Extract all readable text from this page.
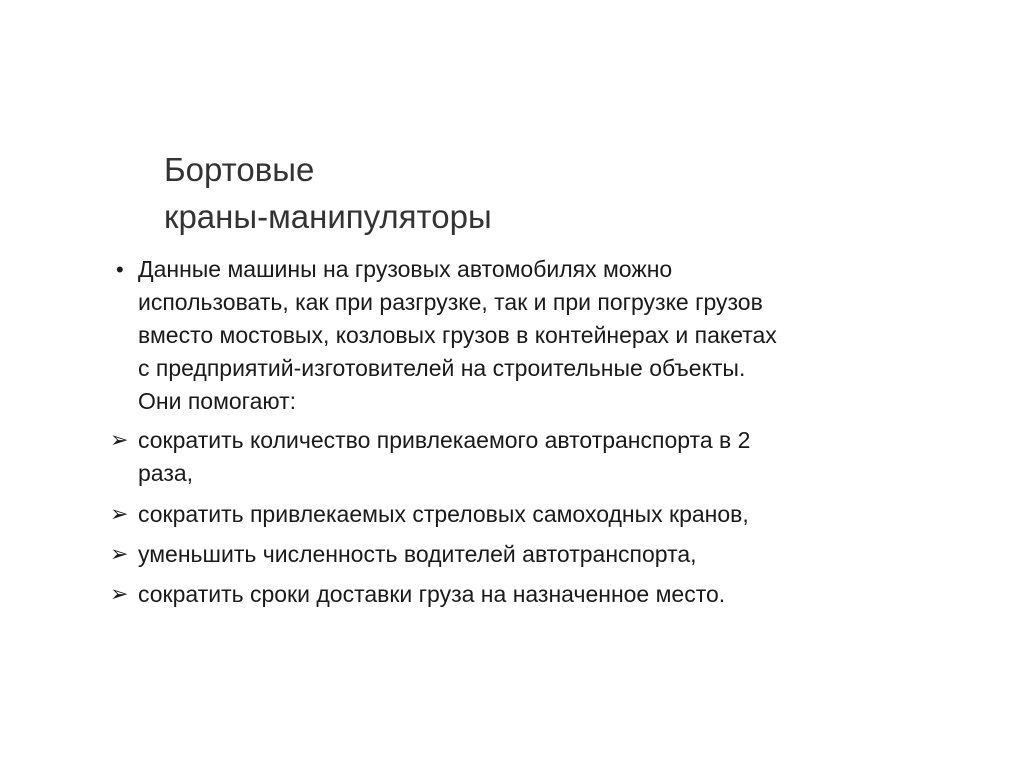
Бортовые
краны-манипуляторы
• Данные машины на грузовых автомобилях можно
использовать, как при разгрузке, так и при погрузке грузов
вместо мостовых, козловых грузов в контейнерах и пакетах
с предприятий-изготовителей на строительные объекты.
Они помогают:
➢ сократить количество привлекаемого автотранспорта в 2
раза,
➢ сократить привлекаемых стреловых самоходных кранов,
➢ уменьшить численность водителей автотранспорта,
➢ сократить сроки доставки груза на назначенное место.
